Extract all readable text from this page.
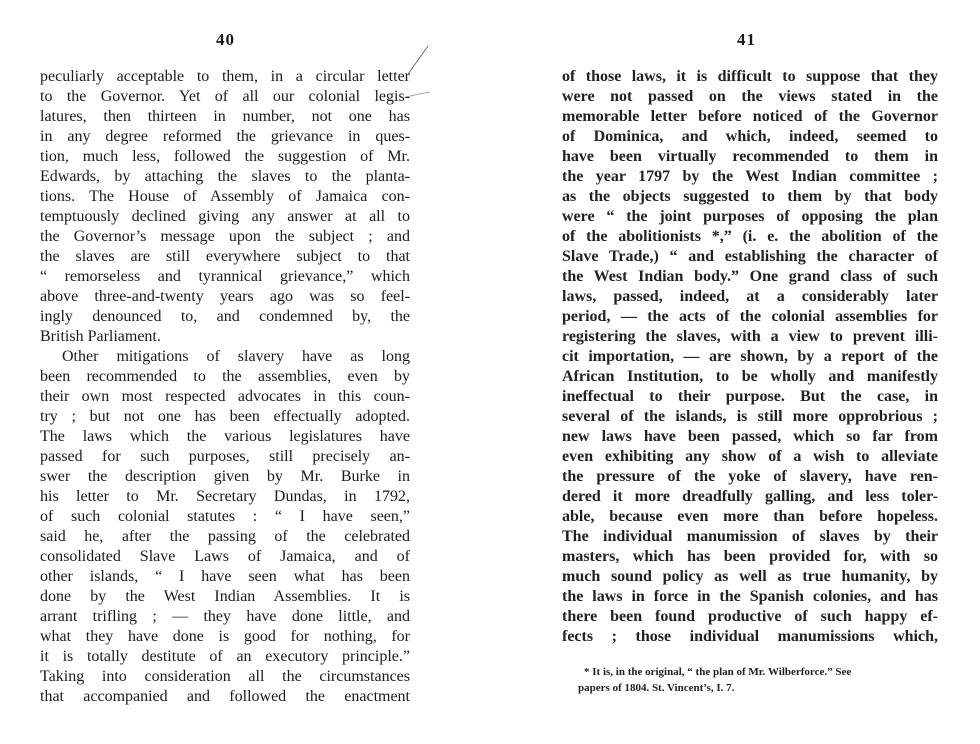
40
peculiarly acceptable to them, in a circular letter
to the Governor. Yet of all our colonial legis-
latures, then thirteen in number, not one has
in any degree reformed the grievance in ques-
tion, much less, followed the suggestion of Mr.
Edwards, by attaching the slaves to the planta-
tions. The House of Assembly of Jamaica con-
temptuously declined giving any answer at all to
the Governor’s message upon the subject ; and
the slaves are still everywhere subject to that
“ remorseless and tyrannical grievance,” which
above three-and-twenty years ago was so feel-
ingly denounced to, and condemned by, the
British Parliament.
Other mitigations of slavery have as long
been recommended to the assemblies, even by
their own most respected advocates in this coun-
try ; but not one has been effectually adopted.
The laws which the various legislatures have
passed for such purposes, still precisely an-
swer the description given by Mr. Burke in
his letter to Mr. Secretary Dundas, in 1792,
of such colonial statutes : “ I have seen,”
said he, after the passing of the celebrated
consolidated Slave Laws of Jamaica, and of
other islands, “ I have seen what has been
done by the West Indian Assemblies. It is
arrant trifling ; — they have done little, and
what they have done is good for nothing, for
it is totally destitute of an executory principle.”
Taking into consideration all the circumstances
that accompanied and followed the enactment
41
of those laws, it is difficult to suppose that they
were not passed on the views stated in the
memorable letter before noticed of the Governor
of Dominica, and which, indeed, seemed to
have been virtually recommended to them in
the year 1797 by the West Indian committee ;
as the objects suggested to them by that body
were “ the joint purposes of opposing the plan
of the abolitionists *,” (i. e. the abolition of the
Slave Trade,) “ and establishing the character of
the West Indian body.” One grand class of such
laws, passed, indeed, at a considerably later
period, — the acts of the colonial assemblies for
registering the slaves, with a view to prevent illi-
cit importation, — are shown, by a report of the
African Institution, to be wholly and manifestly
ineffectual to their purpose. But the case, in
several of the islands, is still more opprobrious ;
new laws have been passed, which so far from
even exhibiting any show of a wish to alleviate
the pressure of the yoke of slavery, have ren-
dered it more dreadfully galling, and less toler-
able, because even more than before hopeless.
The individual manumission of slaves by their
masters, which has been provided for, with so
much sound policy as well as true humanity, by
the laws in force in the Spanish colonies, and has
there been found productive of such happy ef-
fects ; those individual manumissions which,
* It is, in the original, “ the plan of Mr. Wilberforce.” See
papers of 1804. St. Vincent’s, I. 7.
